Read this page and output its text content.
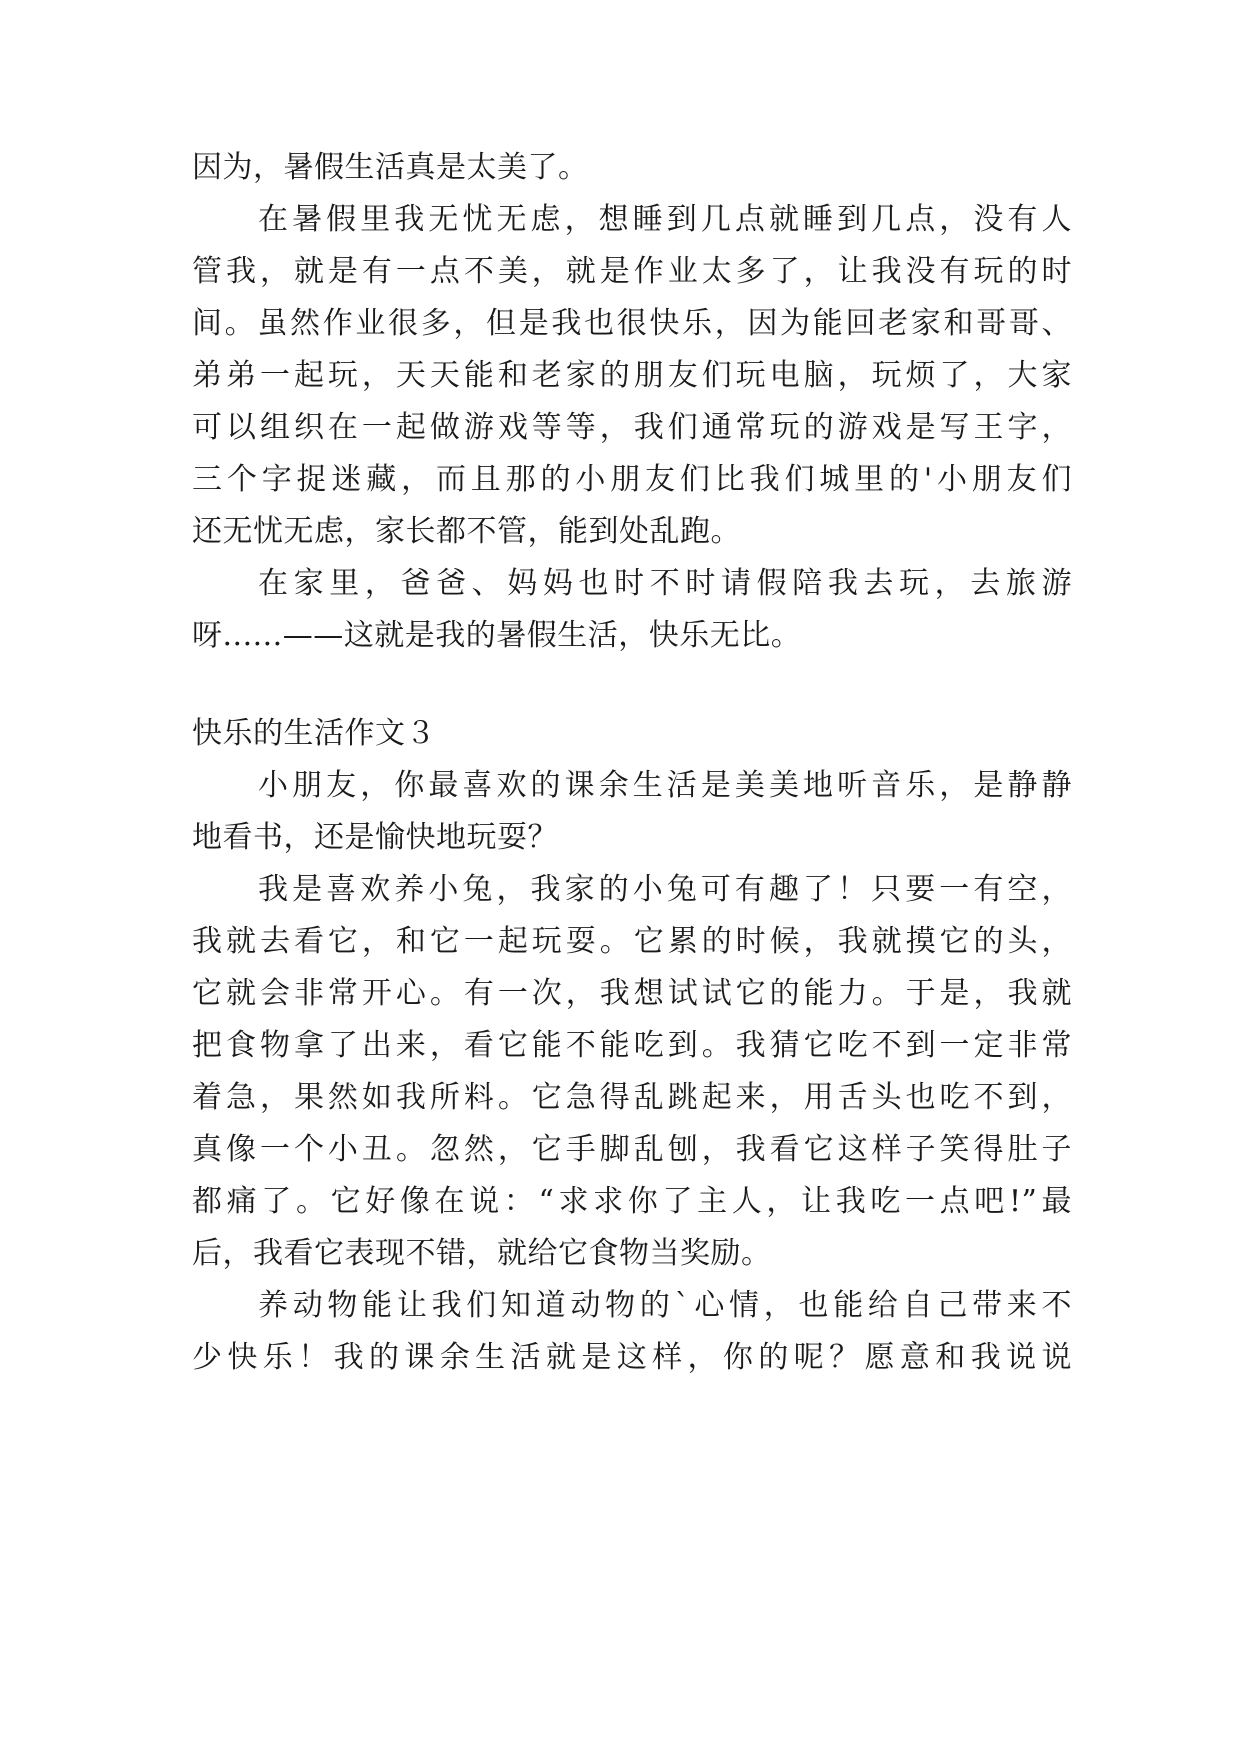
因为，暑假生活真是太美了。
在暑假里我无忧无虑，想睡到几点就睡到几点，没有人
管我，就是有一点不美，就是作业太多了，让我没有玩的时
间。虽然作业很多，但是我也很快乐，因为能回老家和哥哥、
弟弟一起玩，天天能和老家的朋友们玩电脑，玩烦了，大家
可以组织在一起做游戏等等，我们通常玩的游戏是写王字，
三个字捉迷藏，而且那的小朋友们比我们城里的'小朋友们
还无忧无虑，家长都不管，能到处乱跑。
在家里，爸爸、妈妈也时不时请假陪我去玩，去旅游
呀......——这就是我的暑假生活，快乐无比。
快乐的生活作文３
小朋友，你最喜欢的课余生活是美美地听音乐，是静静
地看书，还是愉快地玩耍？
我是喜欢养小兔，我家的小兔可有趣了！只要一有空，
我就去看它，和它一起玩耍。它累的时候，我就摸它的头，
它就会非常开心。有一次，我想试试它的能力。于是，我就
把食物拿了出来，看它能不能吃到。我猜它吃不到一定非常
着急，果然如我所料。它急得乱跳起来，用舌头也吃不到，
真像一个小丑。忽然，它手脚乱刨，我看它这样子笑得肚子
都痛了。它好像在说：“求求你了主人，让我吃一点吧!”最
后，我看它表现不错，就给它食物当奖励。
养动物能让我们知道动物的`心情，也能给自己带来不
少快乐！我的课余生活就是这样，你的呢？愿意和我说说
